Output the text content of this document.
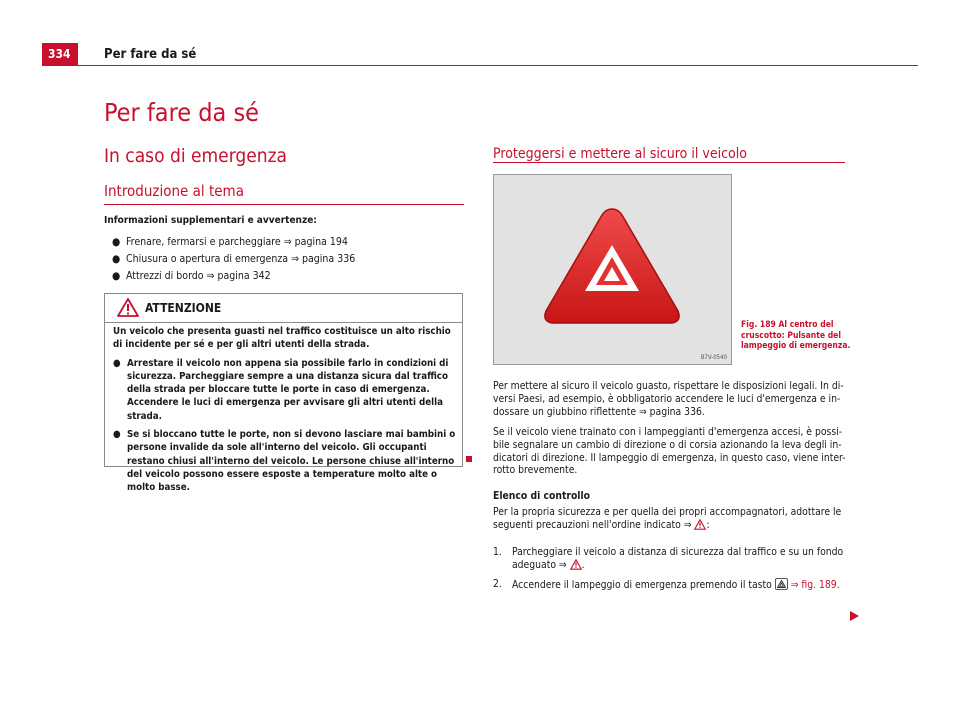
334	Per fare da sé
Per fare da sé
In caso di emergenza
Introduzione al tema
Informazioni supplementari e avvertenze:
● Frenare, fermarsi e parcheggiare ⇒ pagina 194
● Chiusura o apertura di emergenza ⇒ pagina 336
● Attrezzi di bordo ⇒ pagina 342
ATTENZIONE

Un veicolo che presenta guasti nel traffico costituisce un alto rischio di incidente per sé e per gli altri utenti della strada.

● Arrestare il veicolo non appena sia possibile farlo in condizioni di sicurezza. Parcheggiare sempre a una distanza sicura dal traffico della strada per bloccare tutte le porte in caso di emergenza. Accendere le luci di emergenza per avvisare gli altri utenti della strada.

● Se si bloccano tutte le porte, non si devono lasciare mai bambini o persone invalide da sole all'interno del veicolo. Gli occupanti restano chiusi all'interno del veicolo. Le persone chiuse all'interno del veicolo possono essere esposte a temperature molto alte o molto basse.

Proteggersi e mettere al sicuro il veicolo
B7V-0540
Fig. 189 Al centro del cruscotto: Pulsante del lampeggio di emergenza.
Per mettere al sicuro il veicolo guasto, rispettare le disposizioni legali. In di-
versi Paesi, ad esempio, è obbligatorio accendere le luci d'emergenza e in-
dossare un giubbino riflettente ⇒ pagina 336.
Se il veicolo viene trainato con i lampeggianti d'emergenza accesi, è possi-
bile segnalare un cambio di direzione o di corsia azionando la leva degli in-
dicatori di direzione. Il lampeggio di emergenza, in questo caso, viene inter-
rotto brevemente.
Elenco di controllo
Per la propria sicurezza e per quella dei propri accompagnatori, adottare le
seguenti precauzioni nell'ordine indicato ⇒ :
1. Parcheggiare il veicolo a distanza di sicurezza dal traffico e su un fondo
adeguato ⇒ .
2. Accendere il lampeggio di emergenza premendo il tasto ⇒ fig. 189.
